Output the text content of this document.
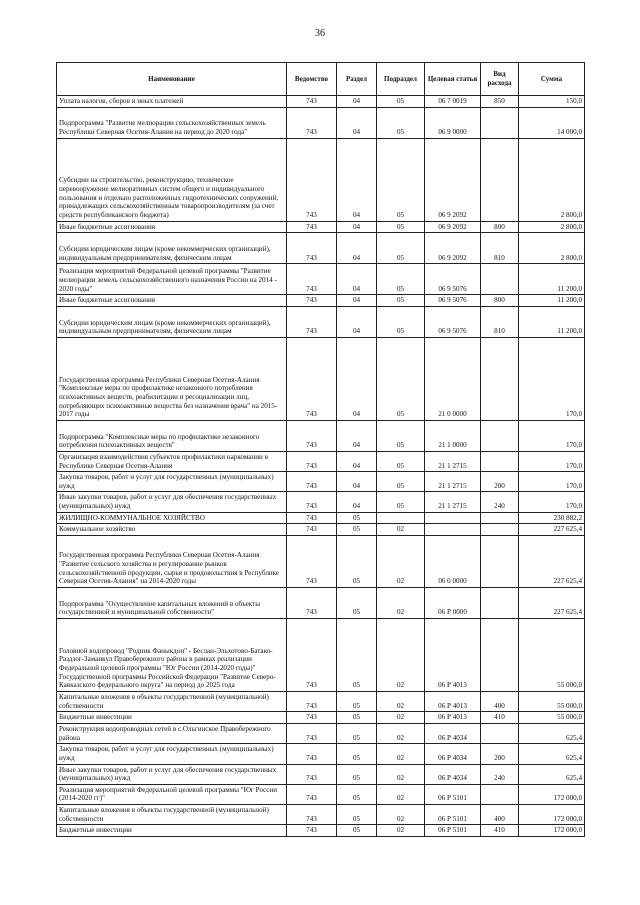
36
Наименование	Ведомство	Раздел	Подраздел	Целевая статья	Вид расхода	Сумма
Уплата налогов, сборов и иных платежей	743	04	05	06 7 0019	850	150,0
Подпрограмма "Развитие мелиорации сельскохозяйственных земель Республики Северная Осетия-Алания на период до 2020 года"	743	04	05	06 9 0000		14 000,0
Субсидии на строительство, реконструкцию, техническое перевооружение мелиоративных систем общего и индивидуального пользования и отдельно расположенных гидротехнических сооружений, принадлежащих сельскохозяйственным товаропроизводителям (за счет средств республиканского бюджета)	743	04	05	06 9 2092		2 800,0
Иные бюджетные ассигнования	743	04	05	06 9 2092	800	2 800,0
Субсидии юридическим лицам (кроме некоммерческих организаций), индивидуальным предпринимателям, физическим лицам	743	04	05	06 9 2092	810	2 800,0
Реализация мероприятий Федеральной целевой программы "Развитие мелиорации земель сельскохозяйственного назначения России на 2014 - 2020 годы"	743	04	05	06 9 5076		11 200,0
Иные бюджетные ассигнования	743	04	05	06 9 5076	800	11 200,0
Субсидии юридическим лицам (кроме некоммерческих организаций), индивидуальным предпринимателям, физическим лицам	743	04	05	06 9 5076	810	11 200,0
Государственная программа Республики Северная Осетия-Алания "Комплексные меры по профилактике незаконного потребления психоактивных веществ, реабилитации и ресоциализации лиц, потребляющих психоактивные вещества без назначения врача" на 2015-2017 годы	743	04	05	21 0 0000		170,0
Подпрограмма "Комплексные меры по профилактике незаконного потребления психоактивных веществ"	743	04	05	21 1 0000		170,0
Организация взаимодействия субъектов профилактики наркомании в Республике Северная Осетия-Алания	743	04	05	21 1 2715		170,0
Закупка товаров, работ и услуг для государственных (муниципальных) нужд	743	04	05	21 1 2715	200	170,0
Иные закупки товаров, работ и услуг для обеспечения государственных (муниципальных) нужд	743	04	05	21 1 2715	240	170,0
ЖИЛИЩНО-КОММУНАЛЬНОЕ ХОЗЯЙСТВО	743	05				230 882,2
Коммунальное хозяйство	743	05	02			227 625,4
Государственная программа Республики Северная Осетия-Алания "Развитие сельского хозяйства и регулирование рынков сельскохозяйственной продукции, сырья и продовольствия в Республике Северная Осетия-Алания" на 2014-2020 годы	743	05	02	06 0 0000		227 625,4
Подпрограмма "Осуществление капитальных вложений в объекты государственной и муниципальной собственности"	743	05	02	06 Р 0000		227 625,4
Головной водопровод "Родник Фаныкдон" - Беслан-Эльхотово-Батако-Раздзог-Заманкул Правобережного района в рамках реализации Федеральной целевой программы "Юг России (2014-2020 годы)" Государственной программы Российской Федерации "Развитие Северо-Кавказского федерального округа" на период до 2025 года	743	05	02	06 Р 4013		55 000,0
Капитальные вложения в объекты государственной (муниципальной) собственности	743	05	02	06 Р 4013	400	55 000,0
Бюджетные инвестиции	743	05	02	06 Р 4013	410	55 000,0
Реконструкция водопроводных сетей в с.Ольгинское Правобережного района	743	05	02	06 Р 4034		625,4
Закупка товаров, работ и услуг для государственных (муниципальных) нужд	743	05	02	06 Р 4034	200	625,4
Иные закупки товаров, работ и услуг для обеспечения государственных (муниципальных) нужд	743	05	02	06 Р 4034	240	625,4
Реализация мероприятий Федеральной целевой программы "Юг России (2014-2020 гг)"	743	05	02	06 Р 5101		172 000,0
Капитальные вложения в объекты государственной (муниципальной) собственности	743	05	02	06 Р 5101	400	172 000,0
Бюджетные инвестиции	743	05	02	06 Р 5101	410	172 000,0
